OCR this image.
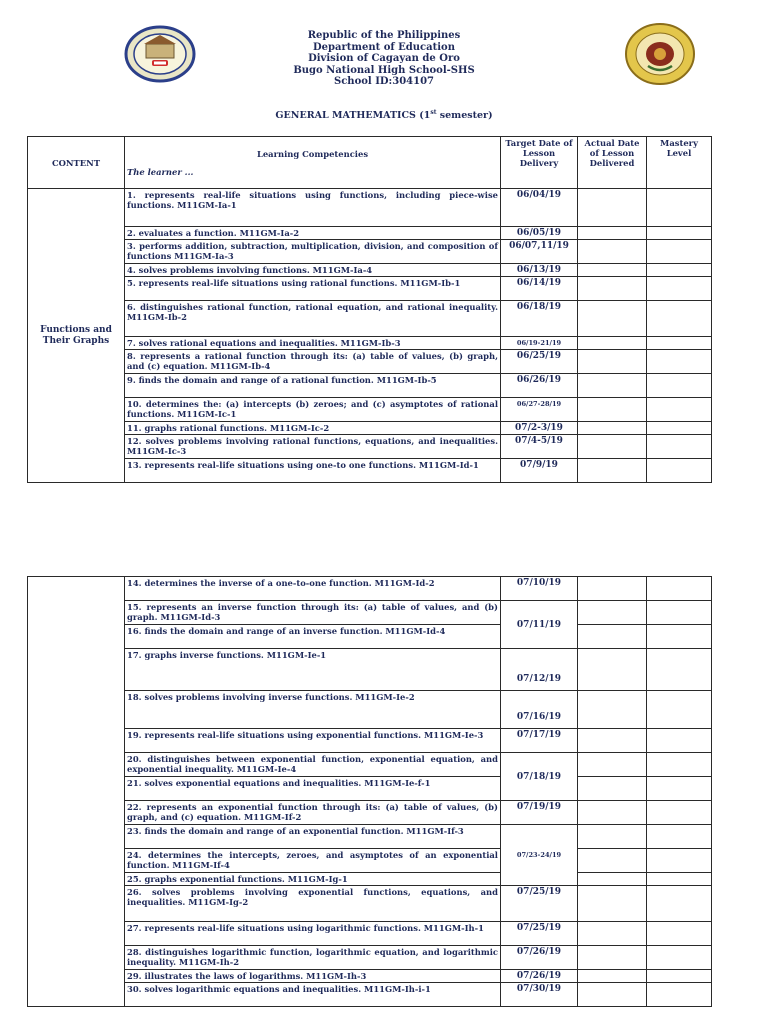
Republic of the Philippines
Department of Education
Division of Cagayan de Oro
Bugo National High School-SHS
School ID:304107
GENERAL MATHEMATICS (1st semester)
CONTENT	Learning Competencies
The learner ...	Target Date of Lesson Delivery	Actual Date of Lesson Delivered	Mastery Level
Functions and Their Graphs	1. represents real-life situations using functions, including piece-wise functions. M11GM-Ia-1	06/04/19		
	2. evaluates a function. M11GM-Ia-2	06/05/19		
	3. performs addition, subtraction, multiplication, division, and composition of functions M11GM-Ia-3	06/07,11/19		
	4. solves problems involving functions. M11GM-Ia-4	06/13/19		
	5. represents real-life situations using rational functions. M11GM-Ib-1	06/14/19		
	6. distinguishes rational function, rational equation, and rational inequality. M11GM-Ib-2	06/18/19		
	7. solves rational equations and inequalities. M11GM-Ib-3	06/19-21/19		
	8. represents a rational function through its: (a) table of values, (b) graph, and (c) equation. M11GM-Ib-4	06/25/19		
	9. finds the domain and range of a rational function. M11GM-Ib-5	06/26/19		
	10. determines the: (a) intercepts (b) zeroes; and (c) asymptotes of rational functions. M11GM-Ic-1	06/27-28/19		
	11. graphs rational functions. M11GM-Ic-2	07/2-3/19		
	12. solves problems involving rational functions, equations, and inequalities. M11GM-Ic-3	07/4-5/19		
	13. represents real-life situations using one-to one functions. M11GM-Id-1	07/9/19		
	14. determines the inverse of a one-to-one function. M11GM-Id-2	07/10/19		
	15. represents an inverse function through its: (a) table of values, and (b) graph. M11GM-Id-3	07/11/19		
	16. finds the domain and range of an inverse function. M11GM-Id-4			
	17. graphs inverse functions. M11GM-Ie-1	07/12/19		
	18. solves problems involving inverse functions. M11GM-Ie-2	07/16/19		
	19. represents real-life situations using exponential functions. M11GM-Ie-3	07/17/19		
	20. distinguishes between exponential function, exponential equation, and exponential inequality. M11GM-Ie-4	07/18/19		
	21. solves exponential equations and inequalities. M11GM-Ie-f-1			
	22. represents an exponential function through its: (a) table of values, (b) graph, and (c) equation. M11GM-If-2	07/19/19		
	23. finds the domain and range of an exponential function. M11GM-If-3	07/23-24/19		
	24. determines the intercepts, zeroes, and asymptotes of an exponential function. M11GM-If-4			
	25. graphs exponential functions. M11GM-Ig-1			
	26. solves problems involving exponential functions, equations, and inequalities. M11GM-Ig-2	07/25/19		
	27. represents real-life situations using logarithmic functions. M11GM-Ih-1	07/25/19		
	28. distinguishes logarithmic function, logarithmic equation, and logarithmic inequality. M11GM-Ih-2	07/26/19		
	29. illustrates the laws of logarithms. M11GM-Ih-3	07/26/19		
	30. solves logarithmic equations and inequalities. M11GM-Ih-i-1	07/30/19		
